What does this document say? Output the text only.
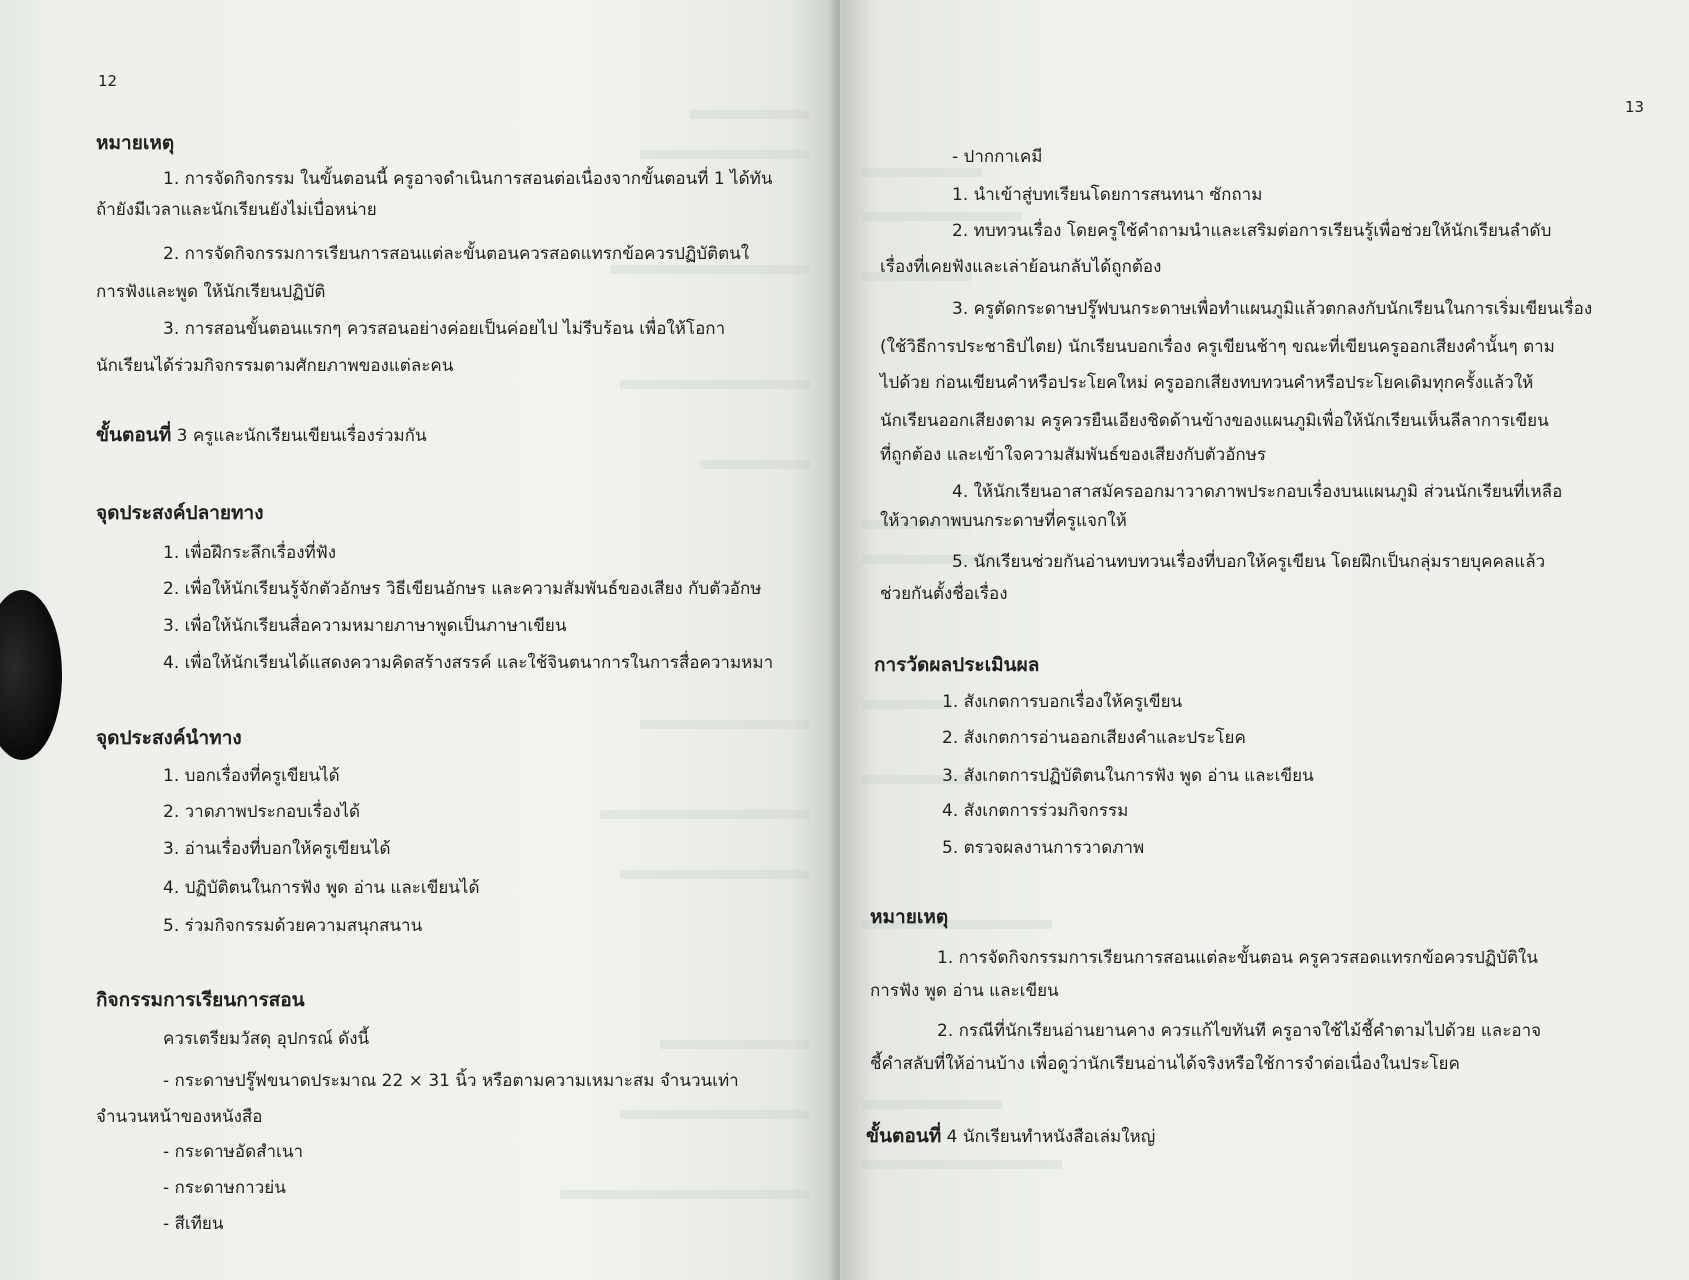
12
หมายเหตุ
1. การจัดกิจกรรม ในขั้นตอนนี้ ครูอาจดำเนินการสอนต่อเนื่องจากขั้นตอนที่ 1 ได้ทัน
ถ้ายังมีเวลาและนักเรียนยังไม่เบื่อหน่าย
2. การจัดกิจกรรมการเรียนการสอนแต่ละขั้นตอนควรสอดแทรกข้อควรปฏิบัติตนใ
การฟังและพูด ให้นักเรียนปฏิบัติ
3. การสอนขั้นตอนแรกๆ ควรสอนอย่างค่อยเป็นค่อยไป ไม่รีบร้อน เพื่อให้โอกา
นักเรียนได้ร่วมกิจกรรมตามศักยภาพของแต่ละคน
ขั้นตอนที่ 3 ครูและนักเรียนเขียนเรื่องร่วมกัน
จุดประสงค์ปลายทาง
1. เพื่อฝึกระลึกเรื่องที่ฟัง
2. เพื่อให้นักเรียนรู้จักตัวอักษร วิธีเขียนอักษร และความสัมพันธ์ของเสียง กับตัวอักษ
3. เพื่อให้นักเรียนสื่อความหมายภาษาพูดเป็นภาษาเขียน
4. เพื่อให้นักเรียนได้แสดงความคิดสร้างสรรค์ และใช้จินตนาการในการสื่อความหมา
จุดประสงค์นำทาง
1. บอกเรื่องที่ครูเขียนได้
2. วาดภาพประกอบเรื่องได้
3. อ่านเรื่องที่บอกให้ครูเขียนได้
4. ปฏิบัติตนในการฟัง พูด อ่าน และเขียนได้
5. ร่วมกิจกรรมด้วยความสนุกสนาน
กิจกรรมการเรียนการสอน
ควรเตรียมวัสดุ อุปกรณ์ ดังนี้
- กระดาษปรู๊ฟขนาดประมาณ 22 × 31 นิ้ว หรือตามความเหมาะสม จำนวนเท่า
จำนวนหน้าของหนังสือ
- กระดาษอัดสำเนา
- กระดาษกาวย่น
- สีเทียน
13
- ปากกาเคมี
1. นำเข้าสู่บทเรียนโดยการสนทนา ซักถาม
2. ทบทวนเรื่อง โดยครูใช้คำถามนำและเสริมต่อการเรียนรู้เพื่อช่วยให้นักเรียนลำดับ
เรื่องที่เคยฟังและเล่าย้อนกลับได้ถูกต้อง
3. ครูตัดกระดาษปรู๊ฟบนกระดาษเพื่อทำแผนภูมิแล้วตกลงกับนักเรียนในการเริ่มเขียนเรื่อง
(ใช้วิธีการประชาธิปไตย) นักเรียนบอกเรื่อง ครูเขียนช้าๆ ขณะที่เขียนครูออกเสียงคำนั้นๆ ตาม
ไปด้วย ก่อนเขียนคำหรือประโยคใหม่ ครูออกเสียงทบทวนคำหรือประโยคเดิมทุกครั้งแล้วให้
นักเรียนออกเสียงตาม ครูควรยืนเอียงชิดด้านข้างของแผนภูมิเพื่อให้นักเรียนเห็นลีลาการเขียน
ที่ถูกต้อง และเข้าใจความสัมพันธ์ของเสียงกับตัวอักษร
4. ให้นักเรียนอาสาสมัครออกมาวาดภาพประกอบเรื่องบนแผนภูมิ ส่วนนักเรียนที่เหลือ
ให้วาดภาพบนกระดาษที่ครูแจกให้
5. นักเรียนช่วยกันอ่านทบทวนเรื่องที่บอกให้ครูเขียน โดยฝึกเป็นกลุ่มรายบุคคลแล้ว
ช่วยกันตั้งชื่อเรื่อง
การวัดผลประเมินผล
1. สังเกตการบอกเรื่องให้ครูเขียน
2. สังเกตการอ่านออกเสียงคำและประโยค
3. สังเกตการปฏิบัติตนในการฟัง พูด อ่าน และเขียน
4. สังเกตการร่วมกิจกรรม
5. ตรวจผลงานการวาดภาพ
หมายเหตุ
1. การจัดกิจกรรมการเรียนการสอนแต่ละขั้นตอน ครูควรสอดแทรกข้อควรปฏิบัติใน
การฟัง พูด อ่าน และเขียน
2. กรณีที่นักเรียนอ่านยานคาง ควรแก้ไขทันที ครูอาจใช้ไม้ชี้คำตามไปด้วย และอาจ
ชี้คำสลับที่ให้อ่านบ้าง เพื่อดูว่านักเรียนอ่านได้จริงหรือใช้การจำต่อเนื่องในประโยค
ขั้นตอนที่ 4 นักเรียนทำหนังสือเล่มใหญ่
